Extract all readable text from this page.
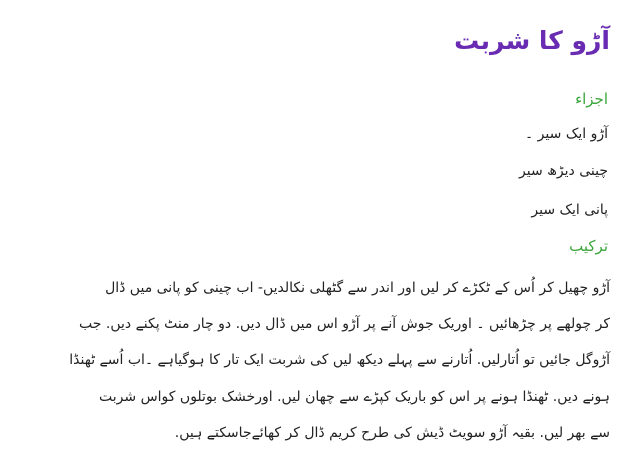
آڑو کا شربت
اجزاء
آڑو ایک سیر ۔
چینی دیڑھ سیر
پانی ایک سیر
ترکیب
آڑو چھیل کر اُس کے ٹکڑے کر لیں اور اندر سے گٹھلی نکالدیں- اب چینی کو پانی میں ڈال
کر چولھے پر چڑھائیں ۔ اوریک جوش آنے پر آڑو اس میں ڈال دیں. دو چار منٹ پکنے دیں. جب
آڑوگل جائیں تو اُتارلیں. اُتارنے سے پہلے دیکھ لیں کی شربت ایک تار کا ہوگیاہے ۔اب اُسے ٹھنڈا
ہونے دیں. ٹھنڈا ہونے پر اس کو باریک کپڑے سے چھان لیں. اورخشک بوتلوں کواس شربت
سے بھر لیں. بقیہ آڑو سویٹ ڈیش کی طرح کریم ڈال کر کھائےجاسکتے ہیں.
